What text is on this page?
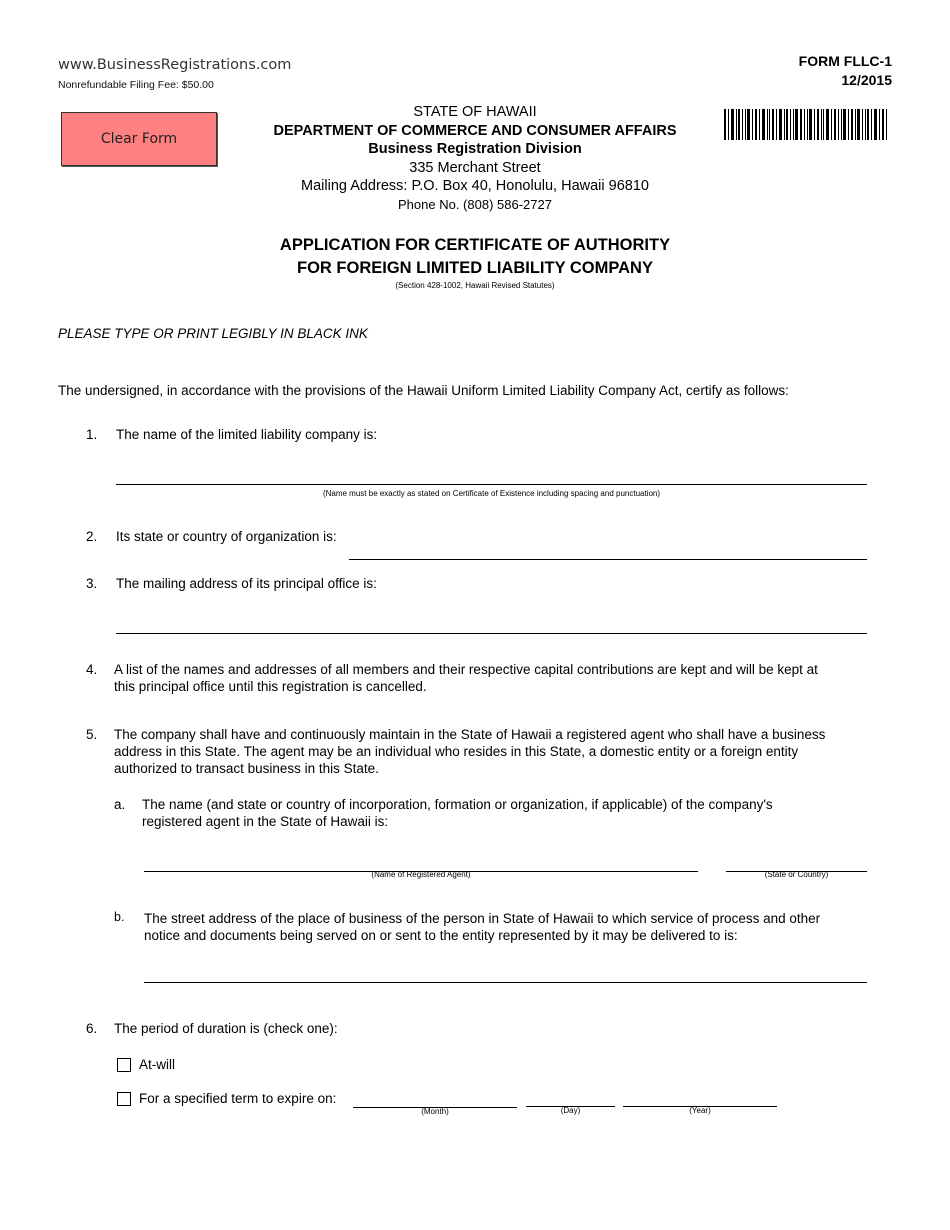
www.BusinessRegistrations.com
Nonrefundable Filing Fee: $50.00
FORM FLLC-1
12/2015
Clear Form
STATE OF HAWAII
DEPARTMENT OF COMMERCE AND CONSUMER AFFAIRS
Business Registration Division
335 Merchant Street
Mailing Address: P.O. Box 40, Honolulu, Hawaii 96810
Phone No. (808) 586-2727
APPLICATION FOR CERTIFICATE OF AUTHORITY
FOR FOREIGN LIMITED LIABILITY COMPANY
(Section 428-1002, Hawaii Revised Statutes)
PLEASE TYPE OR PRINT LEGIBLY IN BLACK INK
The undersigned, in accordance with the provisions of the Hawaii Uniform Limited Liability Company Act, certify as follows:
1.	The name of the limited liability company is:
(Name must be exactly as stated on Certificate of Existence including spacing and punctuation)
2.	Its state or country of organization is:
3.	The mailing address of its principal office is:
4.	A list of the names and addresses of all members and their respective capital contributions are kept and will be kept at
this principal office until this registration is cancelled.
5.	The company shall have and continuously maintain in the State of Hawaii a registered agent who shall have a business
address in this State. The agent may be an individual who resides in this State, a domestic entity or a foreign entity
authorized to transact business in this State.
a. The name (and state or country of incorporation, formation or organization, if applicable) of the company's
registered agent in the State of Hawaii is:
(Name of Registered Agent)	(State or Country)
b. The street address of the place of business of the person in State of Hawaii to which service of process and other
notice and documents being served on or sent to the entity represented by it may be delivered to is:
6.	The period of duration is (check one):
At-will
For a specified term to expire on:
(Month)	(Day)	(Year)
